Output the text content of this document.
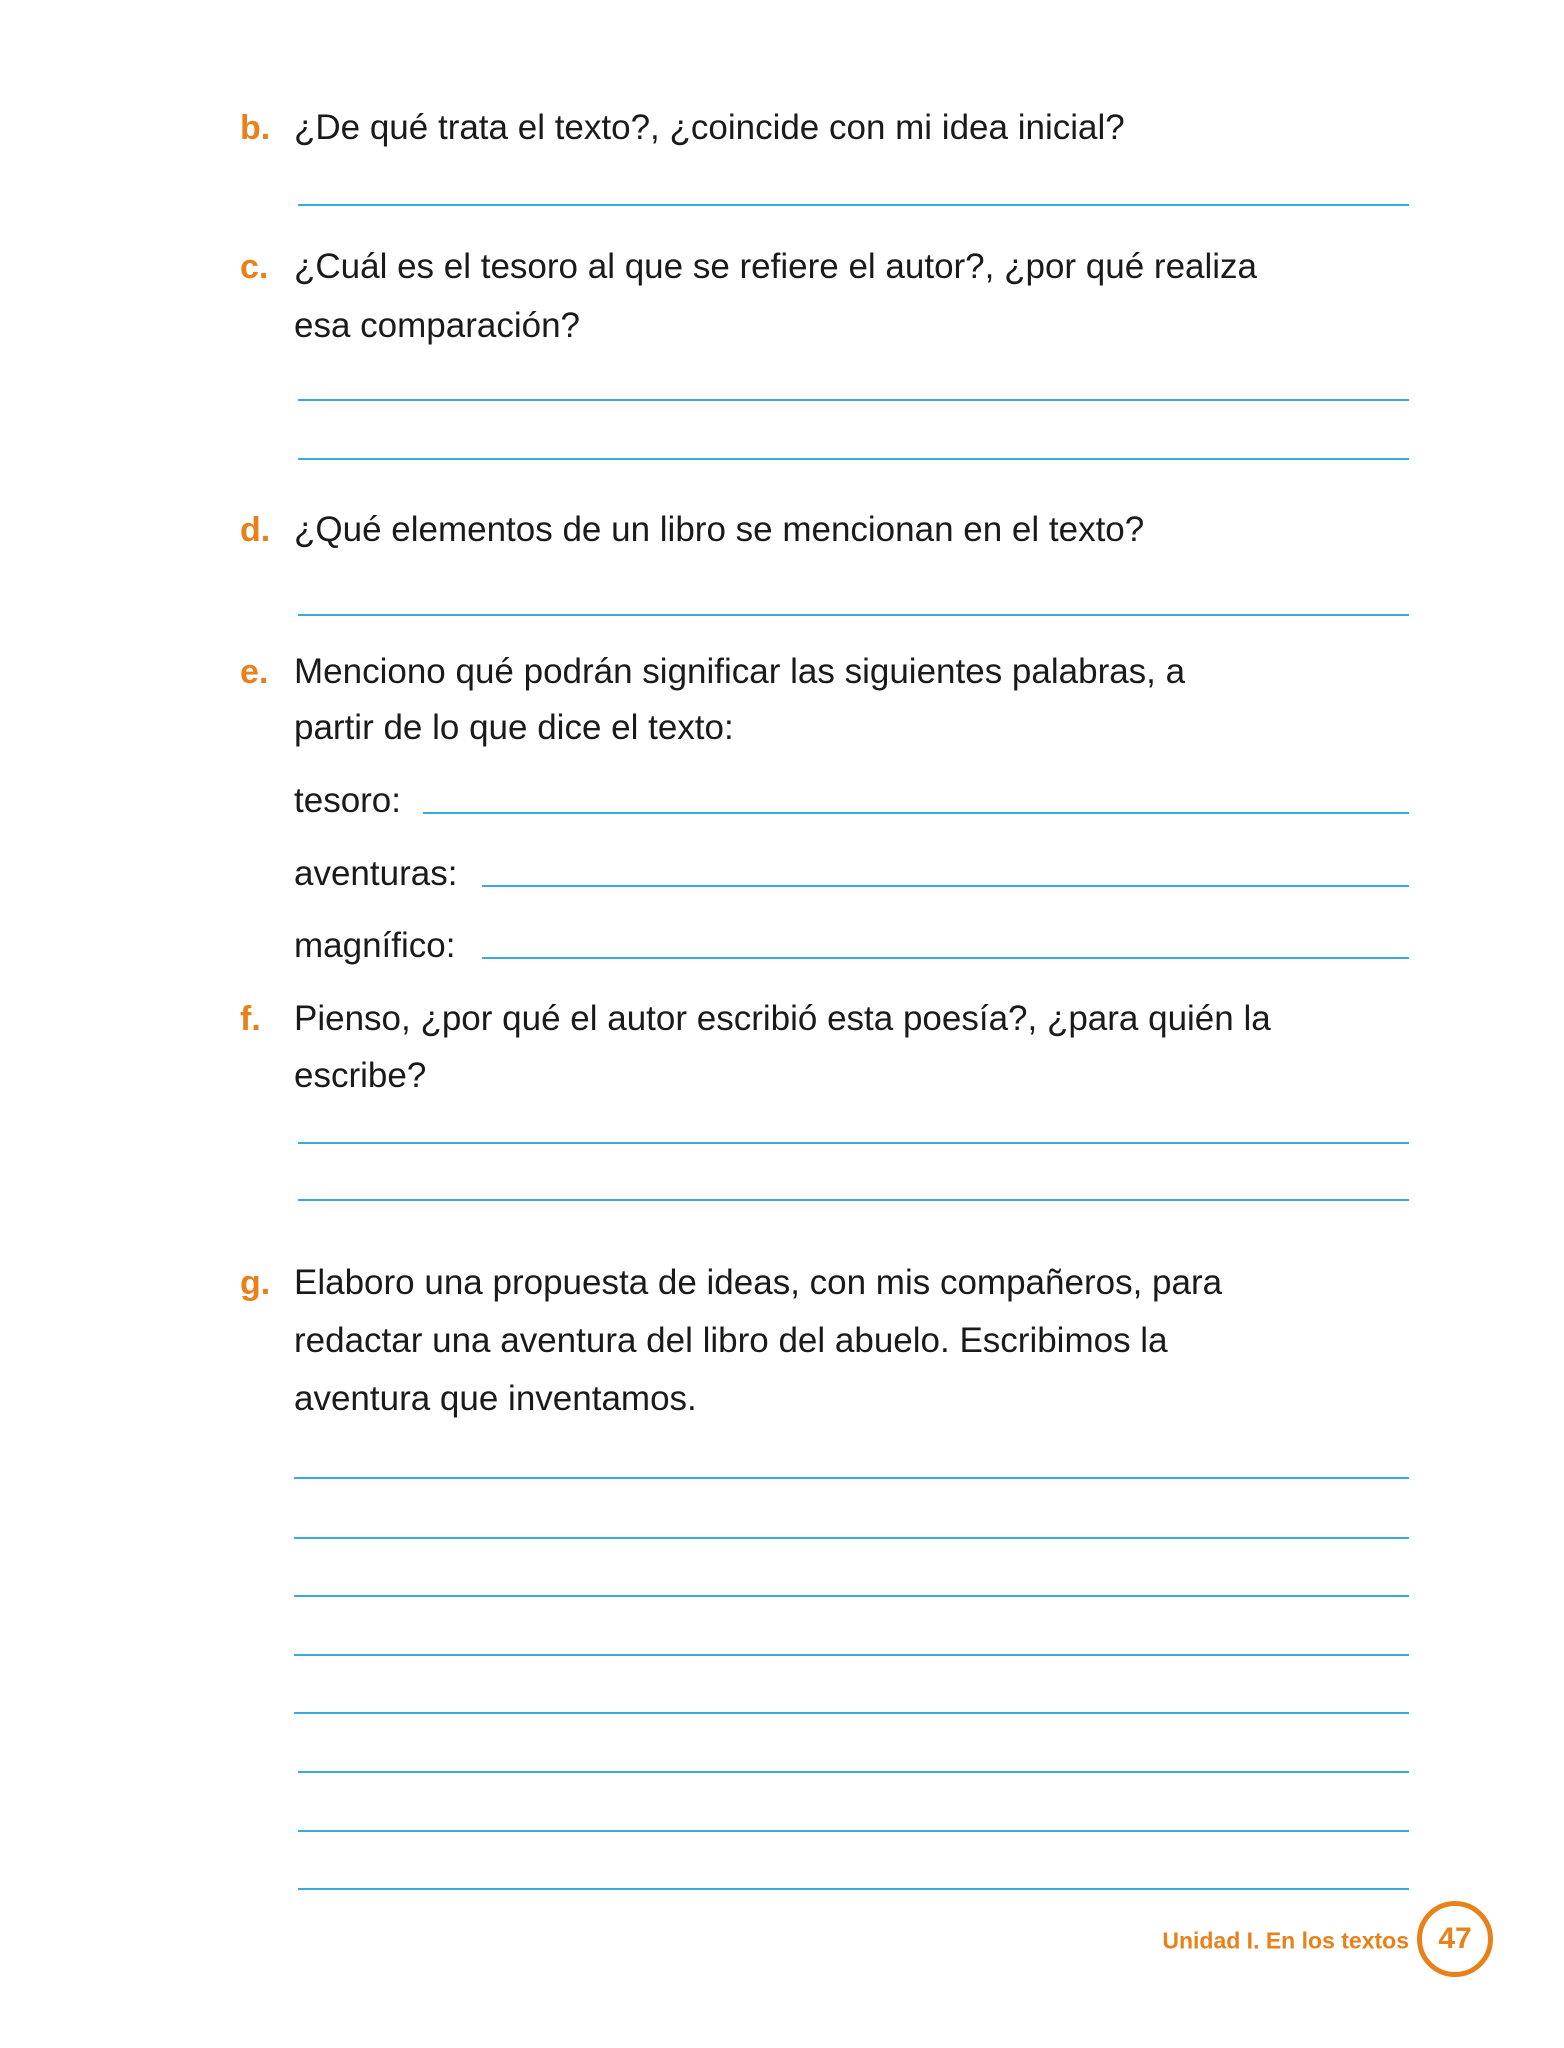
b. ¿De qué trata el texto?, ¿coincide con mi idea inicial?
c. ¿Cuál es el tesoro al que se refiere el autor?, ¿por qué realiza
esa comparación?
d. ¿Qué elementos de un libro se mencionan en el texto?
e. Menciono qué podrán significar las siguientes palabras, a
partir de lo que dice el texto:
tesoro:
aventuras:
magnífico:
f. Pienso, ¿por qué el autor escribió esta poesía?, ¿para quién la
escribe?
g. Elaboro una propuesta de ideas, con mis compañeros, para
redactar una aventura del libro del abuelo. Escribimos la
aventura que inventamos.
Unidad I. En los textos 47
